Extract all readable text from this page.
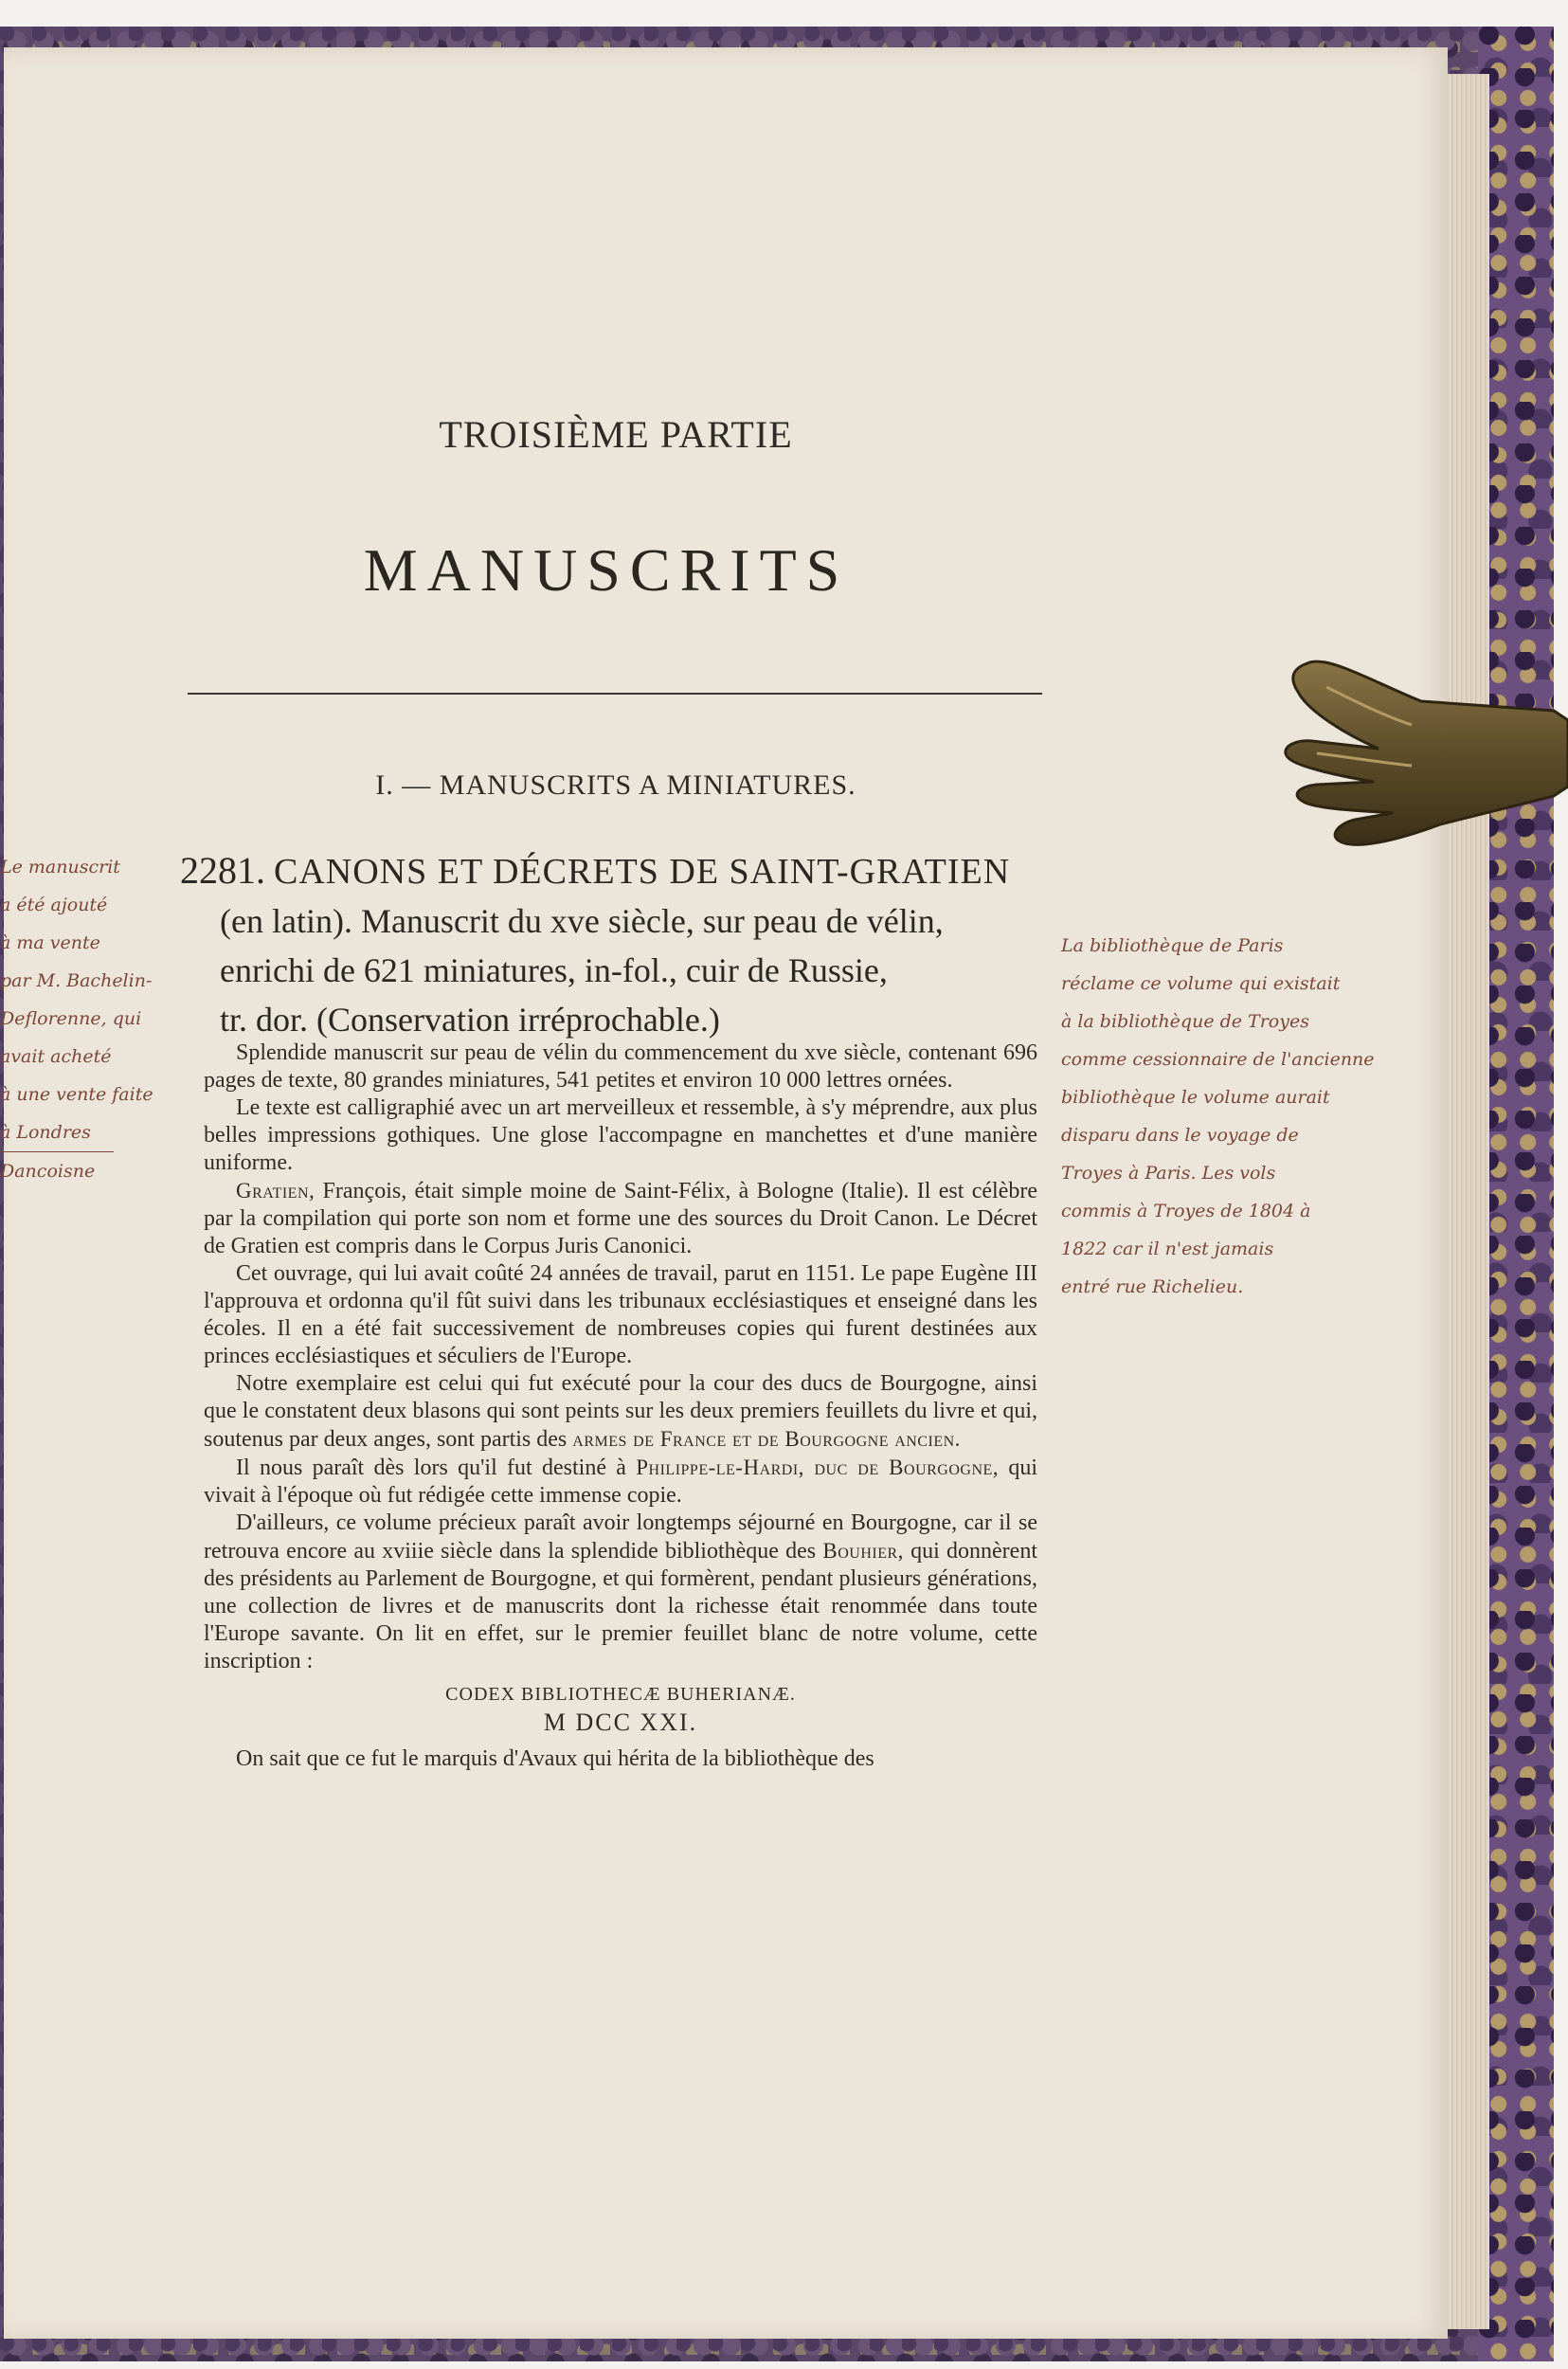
TROISIÈME PARTIE
MANUSCRITS
I. — MANUSCRITS A MINIATURES.
2281. CANONS ET DÉCRETS DE SAINT-GRATIEN
(en latin). Manuscrit du xve siècle, sur peau de vélin,
enrichi de 621 miniatures, in-fol., cuir de Russie,
tr. dor. (Conservation irréprochable.)

Splendide manuscrit sur peau de vélin du commencement du xve siècle, contenant 696 pages de texte, 80 grandes miniatures, 541 petites et environ 10 000 lettres ornées.

Le texte est calligraphié avec un art merveilleux et ressemble, à s'y méprendre, aux plus belles impressions gothiques. Une glose l'accompagne en manchettes et d'une manière uniforme.

Gratien, François, était simple moine de Saint-Félix, à Bologne (Italie). Il est célèbre par la compilation qui porte son nom et forme une des sources du Droit Canon. Le Décret de Gratien est compris dans le Corpus Juris Canonici.

Cet ouvrage, qui lui avait coûté 24 années de travail, parut en 1151. Le pape Eugène III l'approuva et ordonna qu'il fût suivi dans les tribunaux ecclésiastiques et enseigné dans les écoles. Il en a été fait successivement de nombreuses copies qui furent destinées aux princes ecclésiastiques et séculiers de l'Europe.

Notre exemplaire est celui qui fut exécuté pour la cour des ducs de Bourgogne, ainsi que le constatent deux blasons qui sont peints sur les deux premiers feuillets du livre et qui, soutenus par deux anges, sont partis des armes de France et de Bourgogne ancien.

Il nous paraît dès lors qu'il fut destiné à Philippe-le-Hardi, duc de Bourgogne, qui vivait à l'époque où fut rédigée cette immense copie.

D'ailleurs, ce volume précieux paraît avoir longtemps séjourné en Bourgogne, car il se retrouva encore au xviiie siècle dans la splendide bibliothèque des Bouhier, qui donnèrent des présidents au Parlement de Bourgogne, et qui formèrent, pendant plusieurs générations, une collection de livres et de manuscrits dont la richesse était renommée dans toute l'Europe savante. On lit en effet, sur le premier feuillet blanc de notre volume, cette inscription :

CODEX BIBLIOTHECÆ BUHERIANÆ.

M DCC XXI.

On sait que ce fut le marquis d'Avaux qui hérita de la bibliothèque des

Le manuscrit
a été ajouté
à ma vente
par M. Bachelin-
Deflorenne, qui
avait acheté
à une vente faite
à Londres
Dancoisne
La bibliothèque de Paris
réclame ce volume qui existait
à la bibliothèque de Troyes
comme cessionnaire de l'ancienne
bibliothèque le volume aurait
disparu dans le voyage de
Troyes à Paris. Les vols
commis à Troyes de 1804 à
1822 car il n'est jamais
entré rue Richelieu.
